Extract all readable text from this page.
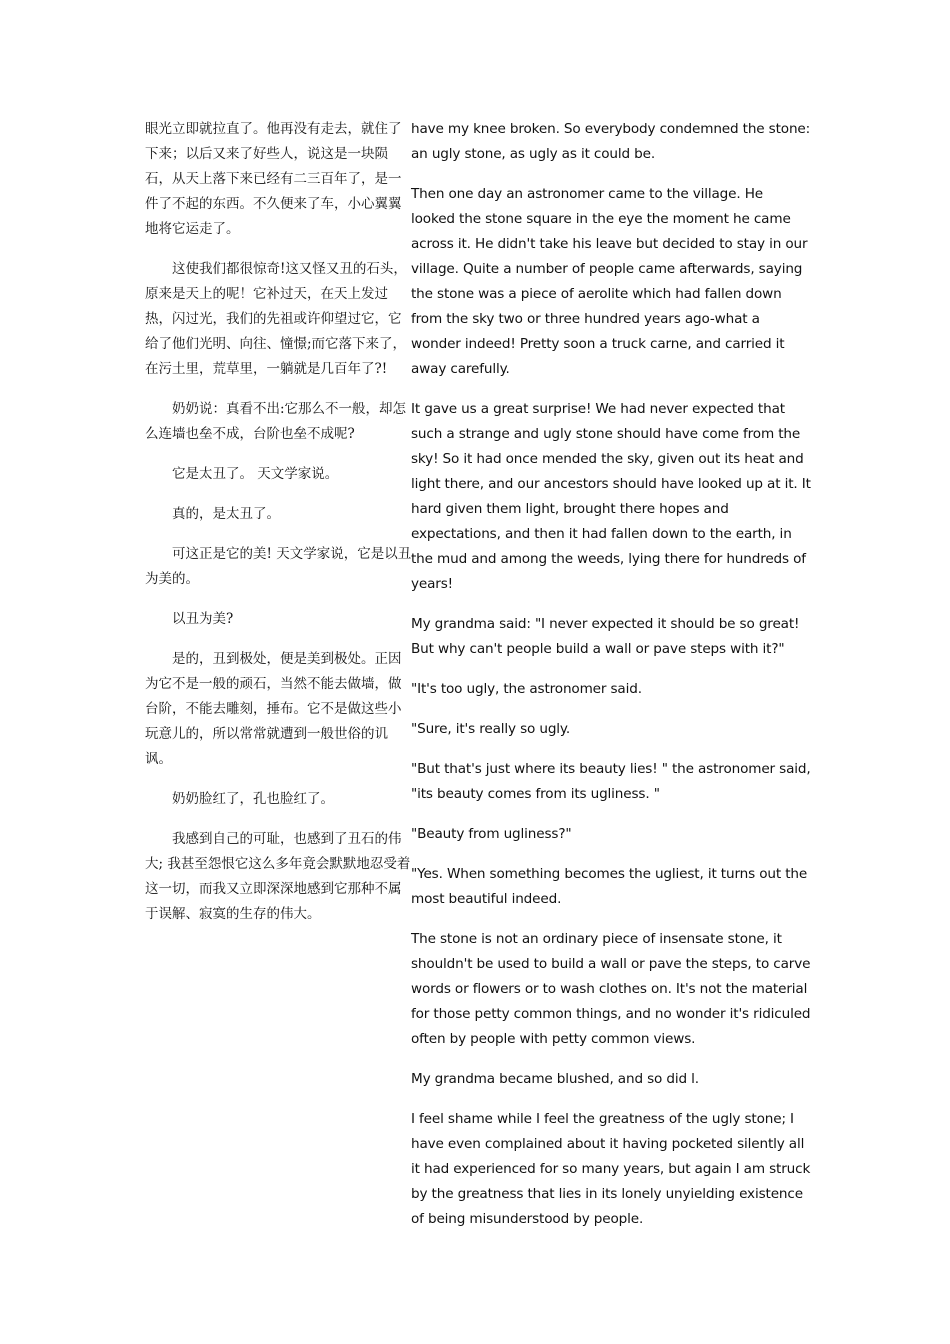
眼光立即就拉直了。他再没有走去，就住了下来；以后又来了好些人，说这是一块陨石，从天上落下来已经有二三百年了，是一件了不起的东西。不久便来了车，小心翼翼地将它运走了。

这使我们都很惊奇!这又怪又丑的石头，原来是天上的呢！它补过天，在天上发过热，闪过光，我们的先祖或许仰望过它，它给了他们光明、向往、憧憬;而它落下来了，在污土里，荒草里，一躺就是几百年了?!

奶奶说：真看不出:它那么不一般，却怎么连墙也垒不成，台阶也垒不成呢?

它是太丑了。 天文学家说。

真的，是太丑了。

可这正是它的美! 天文学家说，它是以丑为美的。

以丑为美?

是的，丑到极处，便是美到极处。正因为它不是一般的顽石，当然不能去做墙，做台阶，不能去雕刻，捶布。它不是做这些小玩意儿的，所以常常就遭到一般世俗的讥讽。

奶奶脸红了，孔也脸红了。

我感到自己的可耻，也感到了丑石的伟大; 我甚至怨恨它这么多年竟会默默地忍受着这一切，而我又立即深深地感到它那种不属于误解、寂寞的生存的伟大。

have my knee broken. So everybody condemned the stone: an ugly stone, as ugly as it could be.

Then one day an astronomer came to the village. He looked the stone square in the eye the moment he came across it. He didn't take his leave but decided to stay in our village. Quite a number of people came afterwards, saying the stone was a piece of aerolite which had fallen down from the sky two or three hundred years ago-what a wonder indeed! Pretty soon a truck carne, and carried it away carefully.

It gave us a great surprise! We had never expected that such a strange and ugly stone should have come from the sky! So it had once mended the sky, given out its heat and light there, and our ancestors should have looked up at it. It hard given them light, brought there hopes and expectations, and then it had fallen down to the earth, in the mud and among the weeds, lying there for hundreds of years!

My grandma said: "I never expected it should be so great! But why can't people build a wall or pave steps with it?"

"It's too ugly, the astronomer said.

"Sure, it's really so ugly.

"But that's just where its beauty lies! " the astronomer said, "its beauty comes from its ugliness. "

"Beauty from ugliness?"

"Yes. When something becomes the ugliest, it turns out the most beautiful indeed.

The stone is not an ordinary piece of insensate stone, it shouldn't be used to build a wall or pave the steps, to carve words or flowers or to wash clothes on. It's not the material for those petty common things, and no wonder it's ridiculed often by people with petty common views.

My grandma became blushed, and so did l.

I feel shame while I feel the greatness of the ugly stone; I have even complained about it having pocketed silently all it had experienced for so many years, but again I am struck by the greatness that lies in its lonely unyielding existence of being misunderstood by people.
